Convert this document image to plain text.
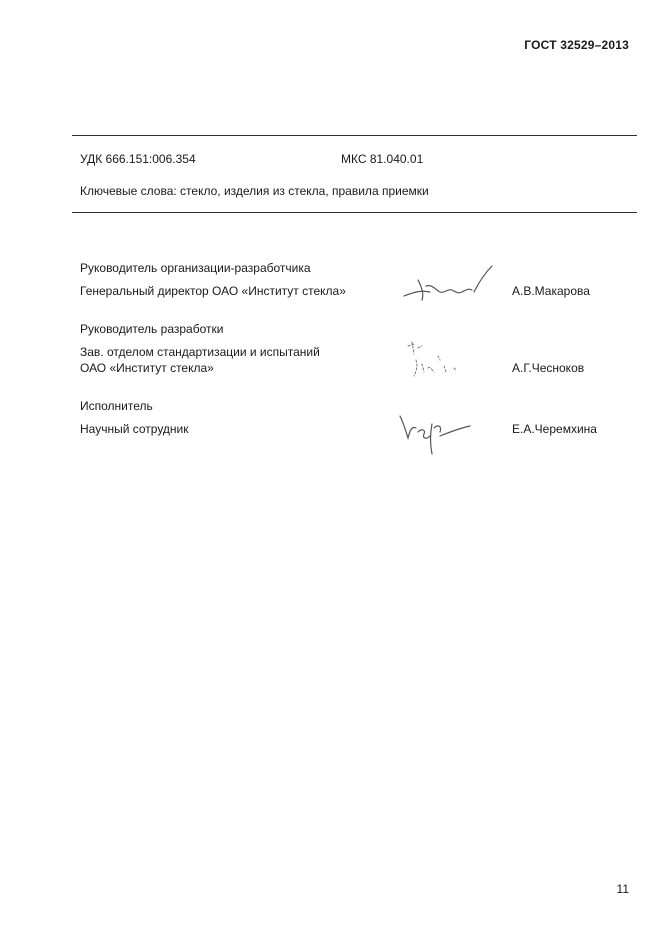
ГОСТ 32529–2013
УДК 666.151:006.354	МКС 81.040.01
Ключевые слова: стекло, изделия из стекла, правила приемки
Руководитель организации-разработчика
Генеральный директор ОАО «Институт стекла»	А.В.Макарова
Руководитель разработки
Зав. отделом стандартизации и испытаний
ОАО «Институт стекла»	А.Г.Чесноков
Исполнитель
Научный сотрудник	Е.А.Черемхина
11
